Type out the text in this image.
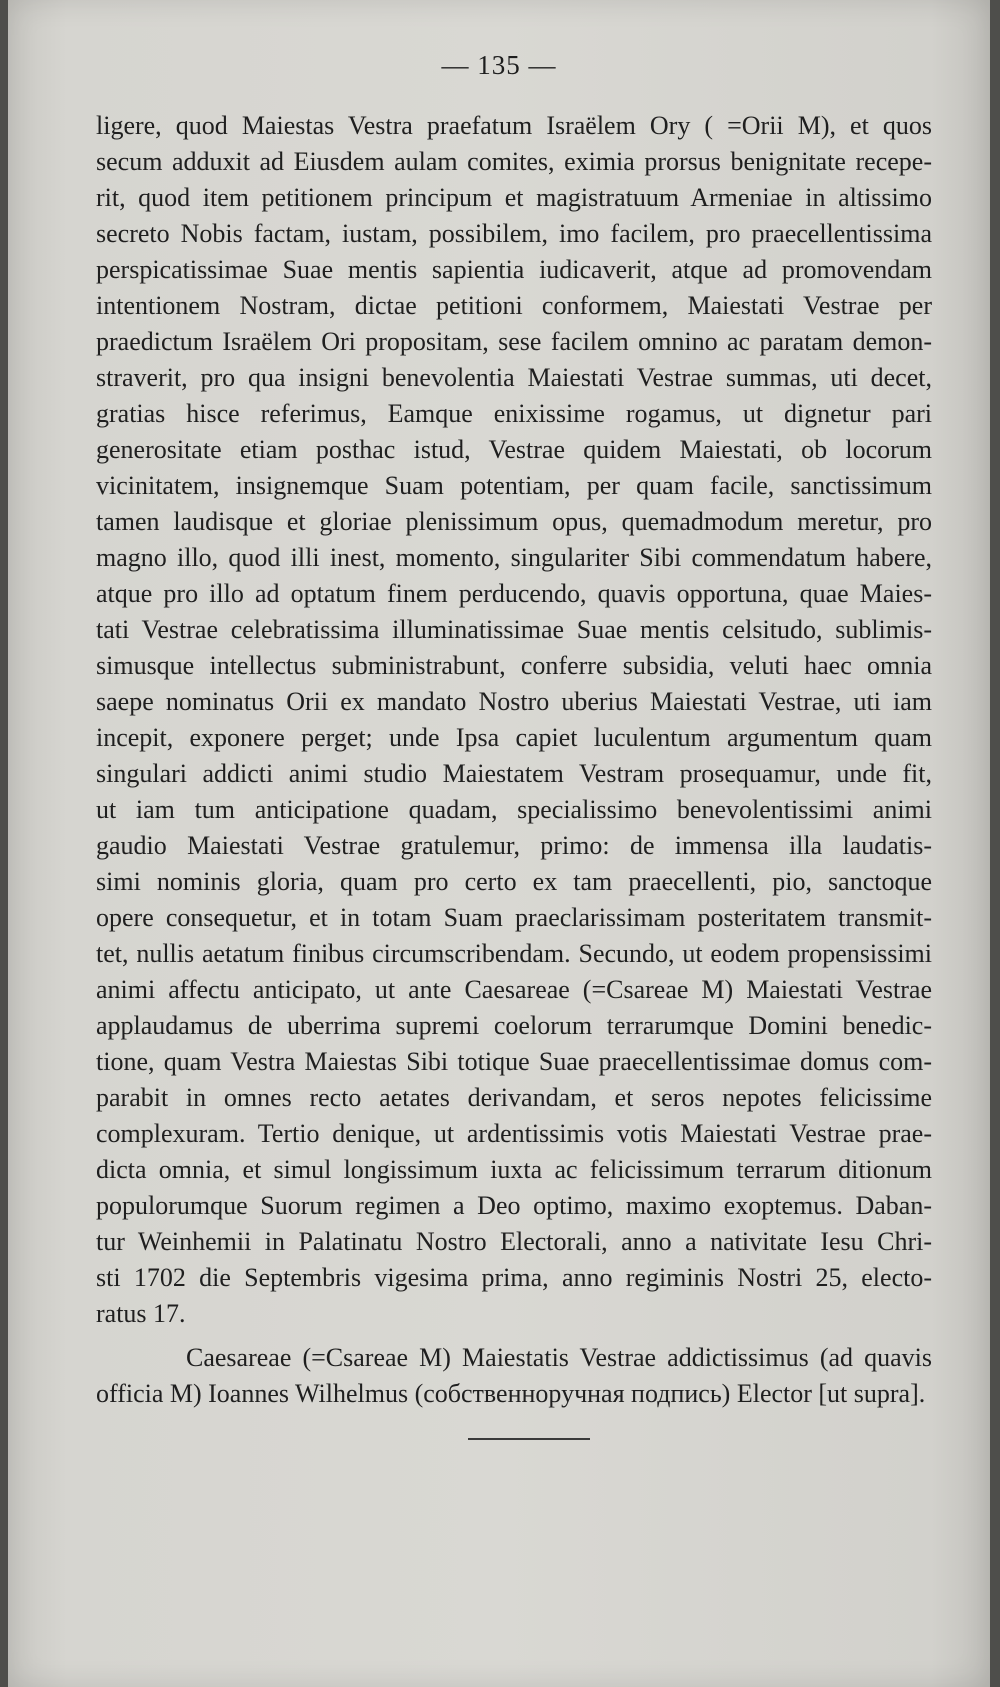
— 135 —
ligere, quod Maiestas Vestra praefatum Israëlem Ory ( =Orii M), et quos
secum adduxit ad Eiusdem aulam comites, eximia prorsus benignitate recepe-
rit, quod item petitionem principum et magistratuum Armeniae in altissimo
secreto Nobis factam, iustam, possibilem, imo facilem, pro praecellentissima
perspicatissimae Suae mentis sapientia iudicaverit, atque ad promovendam
intentionem Nostram, dictae petitioni conformem, Maiestati Vestrae per
praedictum Israëlem Ori propositam, sese facilem omnino ac paratam demon-
straverit, pro qua insigni benevolentia Maiestati Vestrae summas, uti decet,
gratias hisce referimus, Eamque enixissime rogamus, ut dignetur pari
generositate etiam posthac istud, Vestrae quidem Maiestati, ob locorum
vicinitatem, insignemque Suam potentiam, per quam facile, sanctissimum
tamen laudisque et gloriae plenissimum opus, quemadmodum meretur, pro
magno illo, quod illi inest, momento, singulariter Sibi commendatum habere,
atque pro illo ad optatum finem perducendo, quavis opportuna, quae Maies-
tati Vestrae celebratissima illuminatissimae Suae mentis celsitudo, sublimis-
simusque intellectus subministrabunt, conferre subsidia, veluti haec omnia
saepe nominatus Orii ex mandato Nostro uberius Maiestati Vestrae, uti iam
incepit, exponere perget; unde Ipsa capiet luculentum argumentum quam
singulari addicti animi studio Maiestatem Vestram prosequamur, unde fit,
ut iam tum anticipatione quadam, specialissimo benevolentissimi animi
gaudio Maiestati Vestrae gratulemur, primo: de immensa illa laudatis-
simi nominis gloria, quam pro certo ex tam praecellenti, pio, sanctoque
opere consequetur, et in totam Suam praeclarissimam posteritatem transmit-
tet, nullis aetatum finibus circumscribendam. Secundo, ut eodem propensissimi
animi affectu anticipato, ut ante Caesareae (=Csareae M) Maiestati Vestrae
applaudamus de uberrima supremi coelorum terrarumque Domini benedic-
tione, quam Vestra Maiestas Sibi totique Suae praecellentissimae domus com-
parabit in omnes recto aetates derivandam, et seros nepotes felicissime
complexuram. Tertio denique, ut ardentissimis votis Maiestati Vestrae prae-
dicta omnia, et simul longissimum iuxta ac felicissimum terrarum ditionum
populorumque Suorum regimen a Deo optimo, maximo exoptemus. Daban-
tur Weinhemii in Palatinatu Nostro Electorali, anno a nativitate Iesu Chri-
sti 1702 die Septembris vigesima prima, anno regiminis Nostri 25, electo-
ratus 17.
Caesareae (=Csareae M) Maiestatis Vestrae addictissimus (ad quavis
officia M) Ioannes Wilhelmus (собственноручная подпись) Elector [ut supra].
